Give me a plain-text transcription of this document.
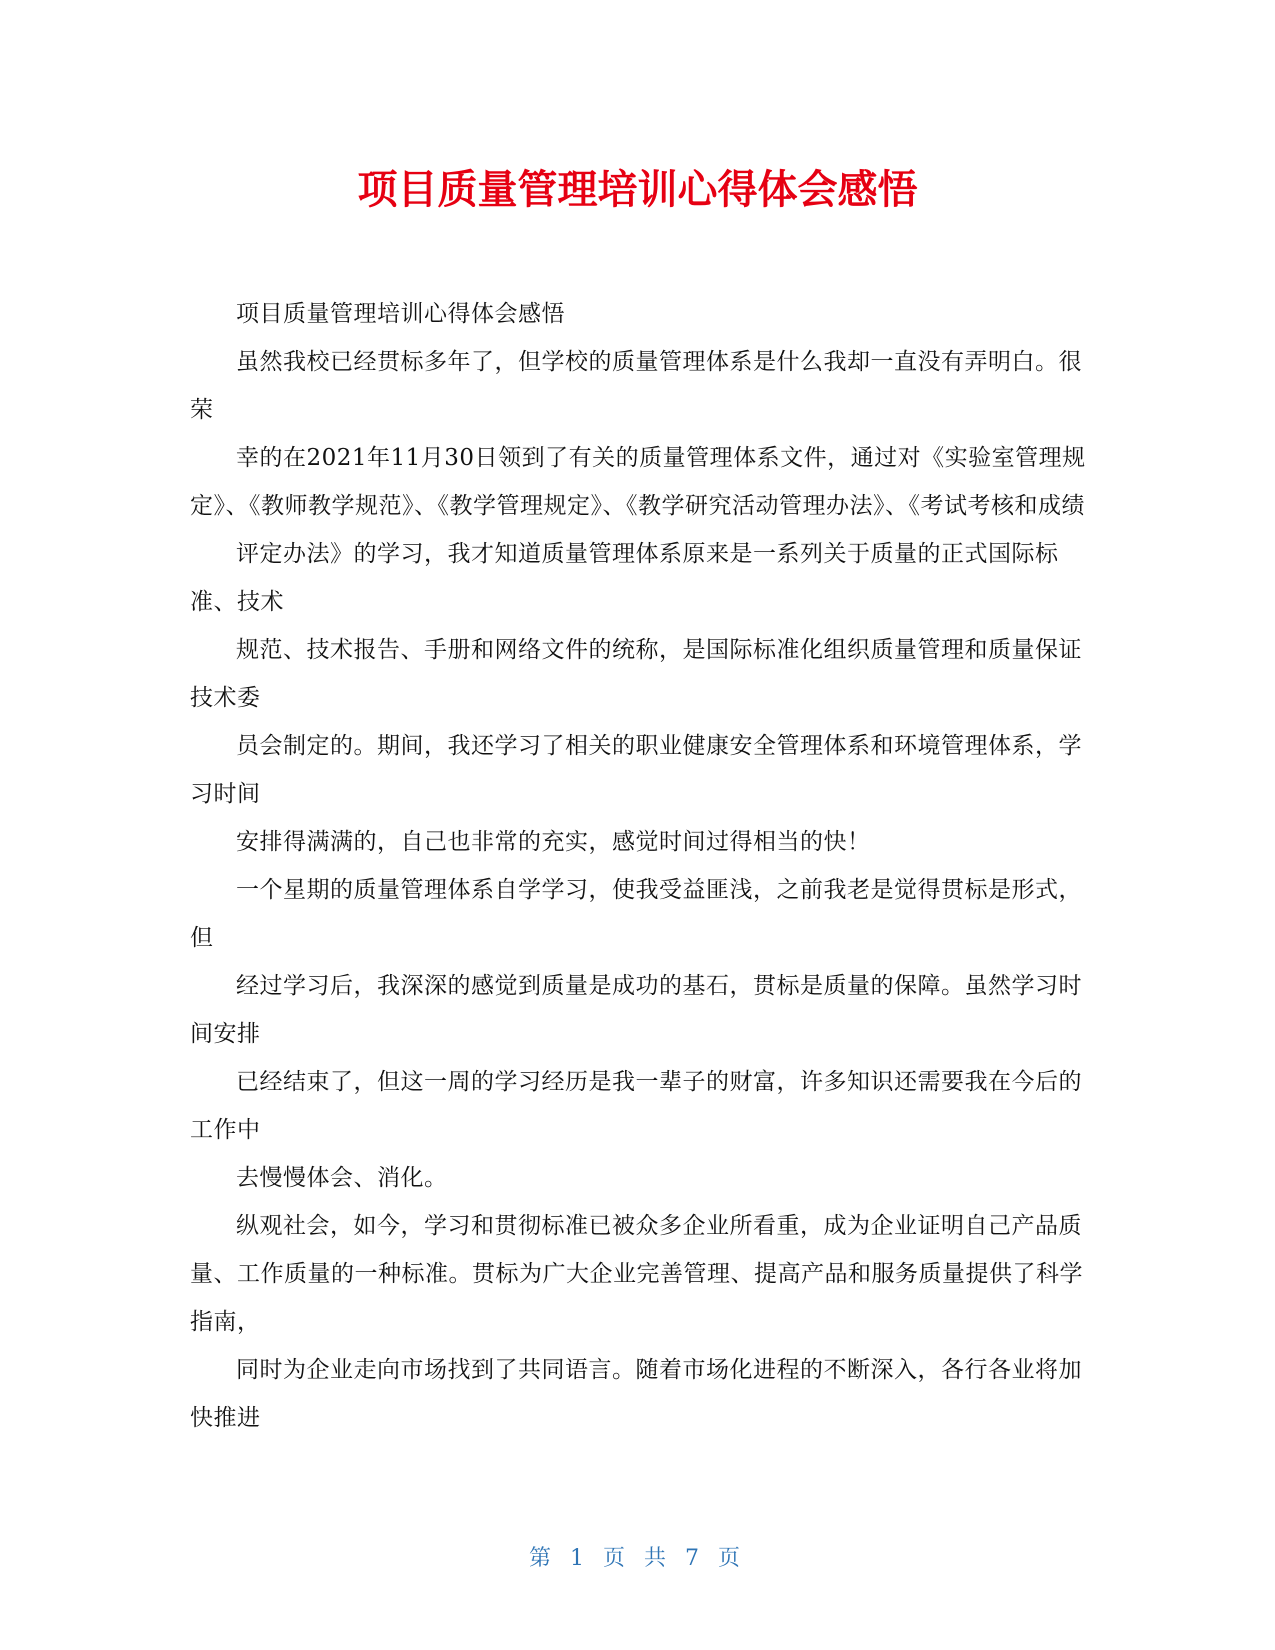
项目质量管理培训心得体会感悟

项目质量管理培训心得体会感悟

虽然我校已经贯标多年了，但学校的质量管理体系是什么我却一直没有弄明白。很荣

幸的在2021年11月30日领到了有关的质量管理体系文件，通过对《实验室管理规定》、《教师教学规范》、《教学管理规定》、《教学研究活动管理办法》、《考试考核和成绩

评定办法》的学习，我才知道质量管理体系原来是一系列关于质量的正式国际标准、技术

规范、技术报告、手册和网络文件的统称，是国际标准化组织质量管理和质量保证技术委

员会制定的。期间，我还学习了相关的职业健康安全管理体系和环境管理体系，学习时间

安排得满满的，自己也非常的充实，感觉时间过得相当的快！

一个星期的质量管理体系自学学习，使我受益匪浅，之前我老是觉得贯标是形式，但

经过学习后，我深深的感觉到质量是成功的基石，贯标是质量的保障。虽然学习时间安排

已经结束了，但这一周的学习经历是我一辈子的财富，许多知识还需要我在今后的工作中

去慢慢体会、消化。

纵观社会，如今，学习和贯彻标准已被众多企业所看重，成为企业证明自己产品质量、工作质量的一种标准。贯标为广大企业完善管理、提高产品和服务质量提供了科学指南，

同时为企业走向市场找到了共同语言。随着市场化进程的不断深入，各行各业将加快推进

第 1 页 共 7 页
